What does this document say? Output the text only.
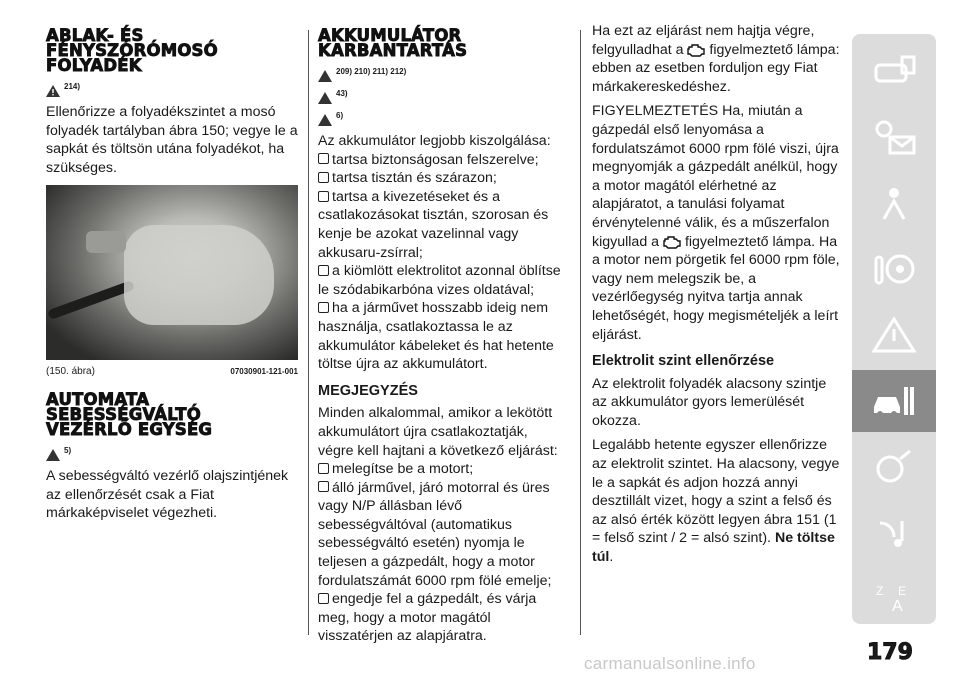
ABLAK- ÉS
FÉNYSZÓRÓMOSÓ
FOLYADÉK
214)

Ellenőrizze a folyadékszintet a mosó folyadék tartályban ábra 150; vegye le a sapkát és töltsön utána folyadékot, ha szükséges.

(150. ábra)	07030901-121-001
AUTOMATA
SEBESSÉGVÁLTÓ
VEZÉRLŐ EGYSÉG
5)

A sebességváltó vezérlő olajszintjének az ellenőrzését csak a Fiat márkaképviselet végezheti.

AKKUMULÁTOR
KARBANTARTÁS
209) 210) 211) 212)
43)
6)
Az akkumulátor legjobb kiszolgálása:
tartsa biztonságosan felszerelve;
tartsa tisztán és szárazon;
tartsa a kivezetéseket és a csatlakozásokat tisztán, szorosan és kenje be azokat vazelinnal vagy akkusaru-zsírral;
a kiömlött elektrolitot azonnal öblítse le szódabikarbóna vizes oldatával;
ha a járművet hosszabb ideig nem használja, csatlakoztassa le az akkumulátor kábeleket és hat hetente töltse újra az akkumulátort.
MEGJEGYZÉS
Minden alkalommal, amikor a lekötött akkumulátort újra csatlakoztatják, végre kell hajtani a következő eljárást:
melegítse be a motort;
álló járművel, járó motorral és üres vagy N/P állásban lévő sebességváltóval (automatikus sebességváltó esetén) nyomja le teljesen a gázpedált, hogy a motor fordulatszámát 6000 rpm fölé emelje;
engedje fel a gázpedált, és várja meg, hogy a motor magától visszatérjen az alapjáratra.

Ha ezt az eljárást nem hajtja végre, felgyulladhat a figyelmeztető lámpa: ebben az esetben forduljon egy Fiat márkakereskedéshez.

FIGYELMEZTETÉS Ha, miután a gázpedál első lenyomása a fordulatszámot 6000 rpm fölé viszi, újra megnyomják a gázpedált anélkül, hogy a motor magától elérhetné az alapjáratot, a tanulási folyamat érvénytelenné válik, és a műszerfalon kigyullad a figyelmeztető lámpa. Ha a motor nem pörgetik fel 6000 rpm föle, vagy nem melegszik be, a vezérlőegység nyitva tartja annak lehetőségét, hogy megismételjék a leírt eljárást.

Elektrolit szint ellenőrzése

Az elektrolit folyadék alacsony szintje az akkumulátor gyors lemerülését okozza.

Legalább hetente egyszer ellenőrizze az elektrolit szintet. Ha alacsony, vegye le a sapkát és adjon hozzá annyi desztillált vizet, hogy a szint a felső és az alsó érték között legyen ábra 151 (1 = felső szint / 2 = alsó szint). Ne töltse túl.

Z E
A
179
carmanualsonline.info
